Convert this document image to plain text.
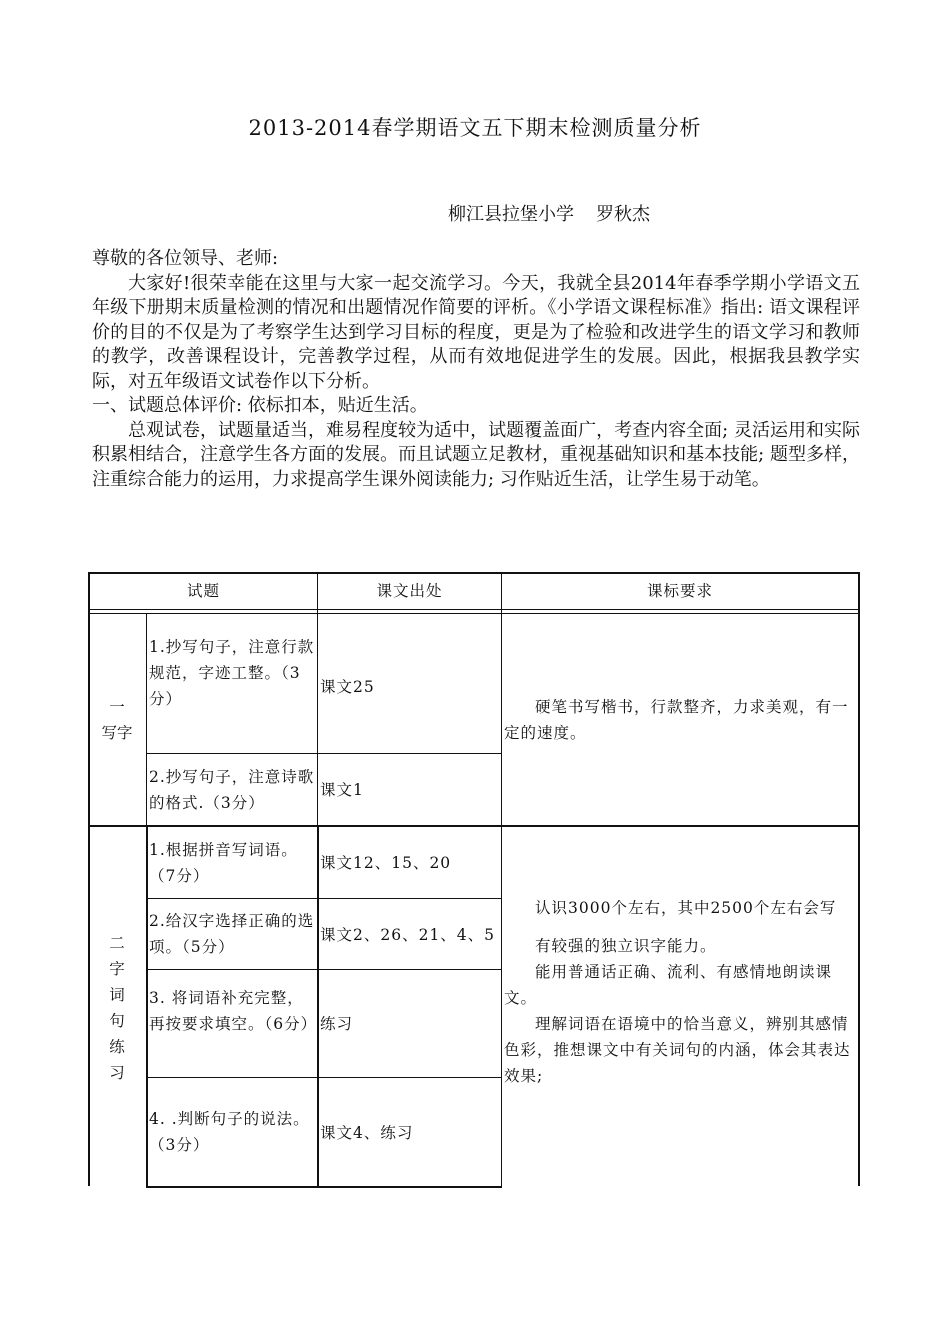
2013-2014春学期语文五下期末检测质量分析
柳江县拉堡小学 罗秋杰

尊敬的各位领导、老师:

大家好!很荣幸能在这里与大家一起交流学习。今天，我就全县2014年春季学期小学语文五年级下册期末质量检测的情况和出题情况作简要的评析。《小学语文课程标准》指出: 语文课程评价的目的不仅是为了考察学生达到学习目标的程度，更是为了检验和改进学生的语文学习和教师的教学，改善课程设计，完善教学过程，从而有效地促进学生的发展。因此，根据我县教学实际，对五年级语文试卷作以下分析。

一、试题总体评价: 依标扣本，贴近生活。

总观试卷，试题量适当，难易程度较为适中，试题覆盖面广，考查内容全面; 灵活运用和实际积累相结合，注意学生各方面的发展。而且试题立足教材，重视基础知识和基本技能; 题型多样，注重综合能力的运用，力求提高学生课外阅读能力; 习作贴近生活，让学生易于动笔。

试题	课文出处	课标要求
一
写字
1.抄写句子，注意行款规范，字迹工整。（3分）
课文25
2.抄写句子，注意诗歌的格式.（3分）
课文1
硬笔书写楷书，行款整齐，力求美观，有一定的速度。
二
字词句练习
1.根据拼音写词语。（7分）
课文12、15、20
2.给汉字选择正确的选项。（5分）
课文2、26、21、4、5
3. 将词语补充完整，再按要求填空。（6分） 练习
4. .判断句子的说法。（3分）
课文4、练习
认识3000个左右，其中2500个左右会写
有较强的独立识字能力。
能用普通话正确、流利、有感情地朗读课文。
理解词语在语境中的恰当意义，辨别其感情色彩，推想课文中有关词句的内涵，体会其表达效果;
